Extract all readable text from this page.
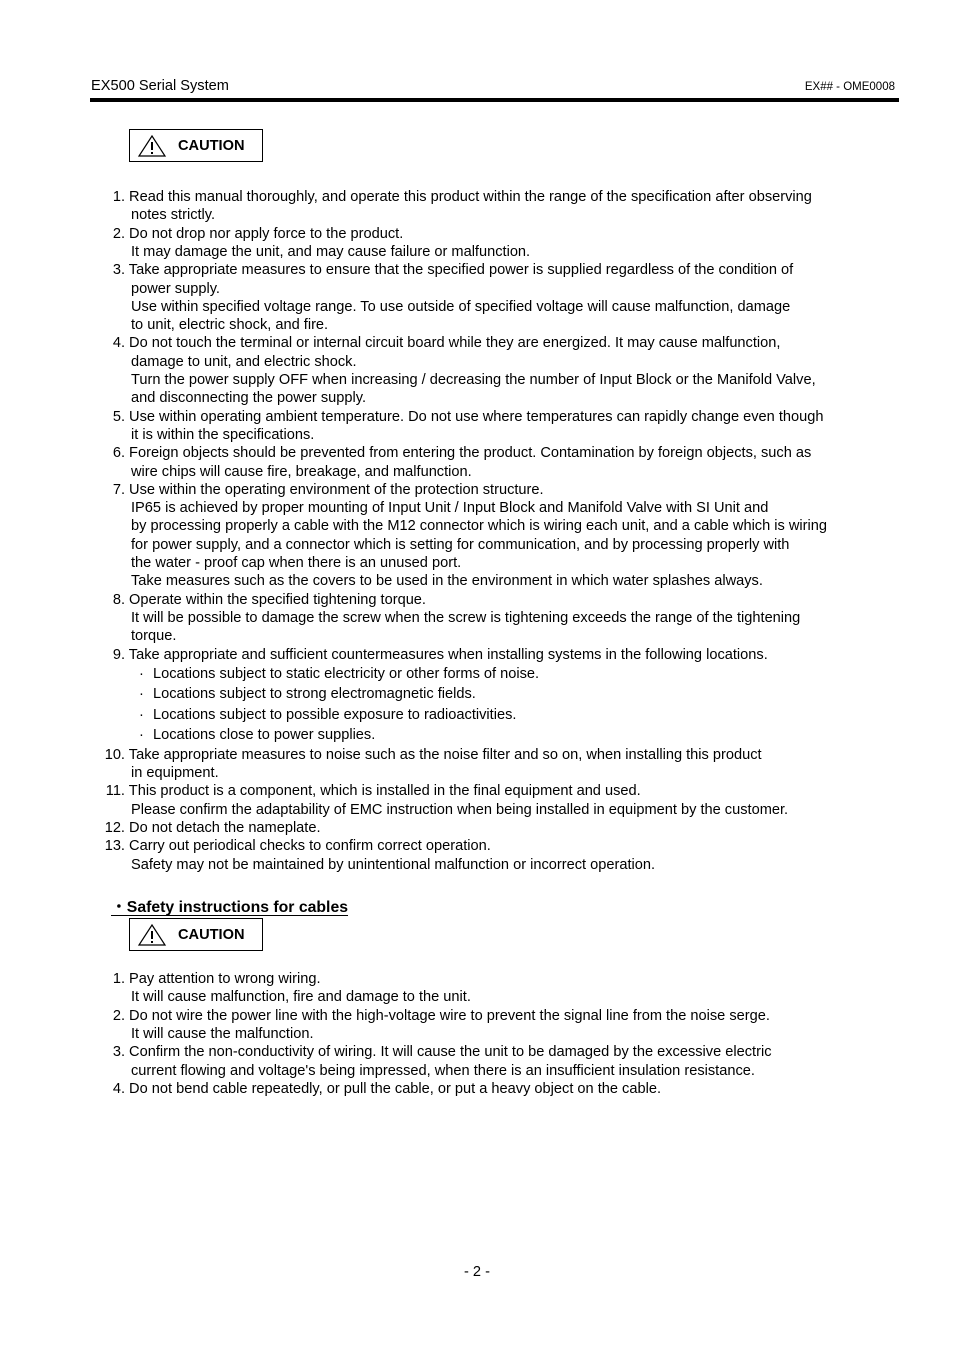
EX500 Serial System	EX## - OME0008
CAUTION
1. Read this manual thoroughly, and operate this product within the range of the specification after observing
notes strictly.
2. Do not drop nor apply force to the product.
It may damage the unit, and may cause failure or malfunction.
3. Take appropriate measures to ensure that the specified power is supplied regardless of the condition of
power supply.
Use within specified voltage range. To use outside of specified voltage will cause malfunction, damage
to unit, electric shock, and fire.
4. Do not touch the terminal or internal circuit board while they are energized. It may cause malfunction,
damage to unit, and electric shock.
Turn the power supply OFF when increasing / decreasing the number of Input Block or the Manifold Valve,
and disconnecting the power supply.
5. Use within operating ambient temperature. Do not use where temperatures can rapidly change even though
it is within the specifications.
6. Foreign objects should be prevented from entering the product. Contamination by foreign objects, such as
wire chips will cause fire, breakage, and malfunction.
7. Use within the operating environment of the protection structure.
IP65 is achieved by proper mounting of Input Unit / Input Block and Manifold Valve with SI Unit and
by processing properly a cable with the M12 connector which is wiring each unit, and a cable which is wiring
for power supply, and a connector which is setting for communication, and by processing properly with
the water - proof cap when there is an unused port.
Take measures such as the covers to be used in the environment in which water splashes always.
8. Operate within the specified tightening torque.
It will be possible to damage the screw when the screw is tightening exceeds the range of the tightening
torque.
9. Take appropriate and sufficient countermeasures when installing systems in the following locations.
· Locations subject to static electricity or other forms of noise.
· Locations subject to strong electromagnetic fields.
· Locations subject to possible exposure to radioactivities.
· Locations close to power supplies.
10. Take appropriate measures to noise such as the noise filter and so on, when installing this product
in equipment.
11. This product is a component, which is installed in the final equipment and used.
Please confirm the adaptability of EMC instruction when being installed in equipment by the customer.
12. Do not detach the nameplate.
13. Carry out periodical checks to confirm correct operation.
Safety may not be maintained by unintentional malfunction or incorrect operation.
・Safety instructions for cables
CAUTION
1. Pay attention to wrong wiring.
It will cause malfunction, fire and damage to the unit.
2. Do not wire the power line with the high-voltage wire to prevent the signal line from the noise serge.
It will cause the malfunction.
3. Confirm the non-conductivity of wiring. It will cause the unit to be damaged by the excessive electric
current flowing and voltage's being impressed, when there is an insufficient insulation resistance.
4. Do not bend cable repeatedly, or pull the cable, or put a heavy object on the cable.
- 2 -
